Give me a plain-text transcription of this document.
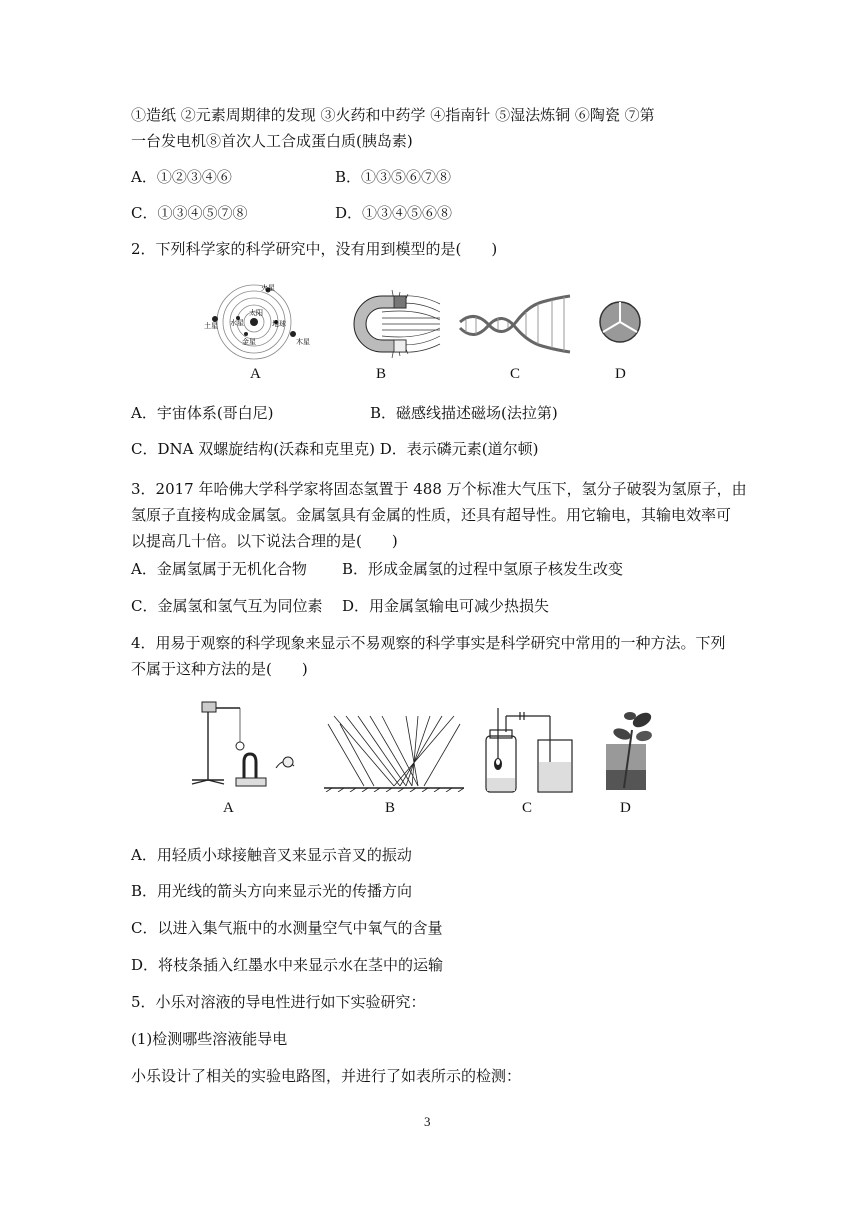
①造纸 ②元素周期律的发现 ③火药和中药学 ④指南针 ⑤湿法炼铜 ⑥陶瓷 ⑦第
一台发电机⑧首次人工合成蛋白质(胰岛素)
A．①②③④⑥	B．①③⑤⑥⑦⑧
C．①③④⑤⑦⑧	D．①③④⑤⑥⑧
2．下列科学家的科学研究中，没有用到模型的是(　　)
火星
水星
太阳
地球
土星
金星	木星
A	B	C	D
A．宇宙体系(哥白尼)	B．磁感线描述磁场(法拉第)
C．DNA 双螺旋结构(沃森和克里克) D．表示磷元素(道尔顿)
3．2017 年哈佛大学科学家将固态氢置于 488 万个标准大气压下，氢分子破裂为氢原子，由
氢原子直接构成金属氢。金属氢具有金属的性质，还具有超导性。用它输电，其输电效率可
以提高几十倍。以下说法合理的是(　　)
A．金属氢属于无机化合物 B．形成金属氢的过程中氢原子核发生改变
C．金属氢和氢气互为同位素 D．用金属氢输电可减少热损失
4．用易于观察的科学现象来显示不易观察的科学事实是科学研究中常用的一种方法。下列
不属于这种方法的是(　　)
A	B	C	D
A．用轻质小球接触音叉来显示音叉的振动
B．用光线的箭头方向来显示光的传播方向
C．以进入集气瓶中的水测量空气中氧气的含量
D．将枝条插入红墨水中来显示水在茎中的运输
5．小乐对溶液的导电性进行如下实验研究：
(1)检测哪些溶液能导电
小乐设计了相关的实验电路图，并进行了如表所示的检测：
3
